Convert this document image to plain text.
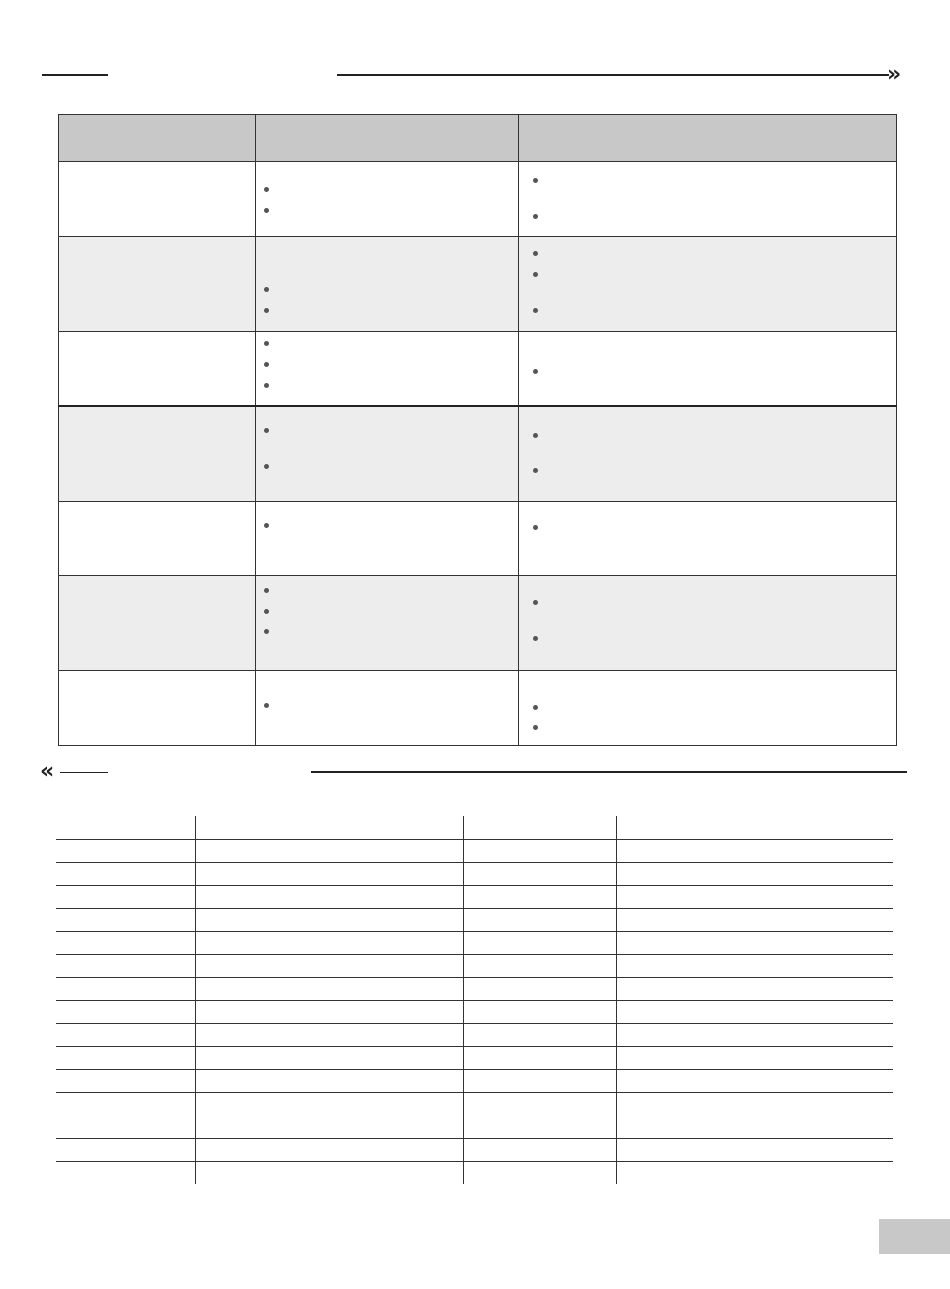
»

«
